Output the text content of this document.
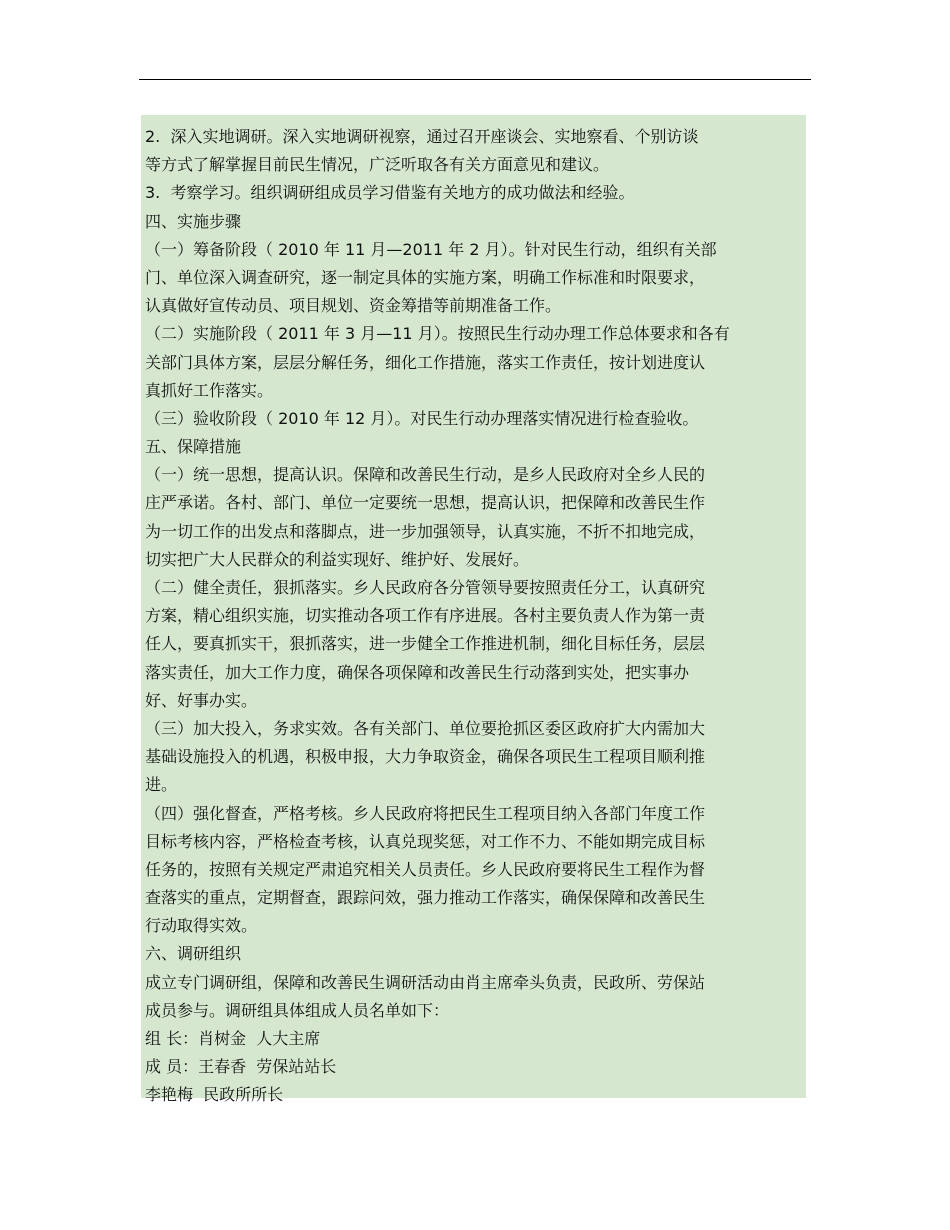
2.  深入实地调研。深入实地调研视察，通过召开座谈会、实地察看、个别访谈
等方式了解掌握目前民生情况，广泛听取各有关方面意见和建议。
3.  考察学习。组织调研组成员学习借鉴有关地方的成功做法和经验。
四、实施步骤
（一）筹备阶段（ 2010 年 11 月—2011 年 2 月）。针对民生行动，组织有关部
门、单位深入调查研究，逐一制定具体的实施方案，明确工作标准和时限要求，
认真做好宣传动员、项目规划、资金筹措等前期准备工作。
（二）实施阶段（ 2011 年 3 月—11 月）。按照民生行动办理工作总体要求和各有
关部门具体方案，层层分解任务，细化工作措施，落实工作责任，按计划进度认
真抓好工作落实。
（三）验收阶段（ 2010 年 12 月）。对民生行动办理落实情况进行检查验收。
五、保障措施
（一）统一思想，提高认识。保障和改善民生行动，是乡人民政府对全乡人民的
庄严承诺。各村、部门、单位一定要统一思想，提高认识，把保障和改善民生作
为一切工作的出发点和落脚点，进一步加强领导，认真实施，不折不扣地完成，
切实把广大人民群众的利益实现好、维护好、发展好。
（二）健全责任，狠抓落实。乡人民政府各分管领导要按照责任分工，认真研究
方案，精心组织实施，切实推动各项工作有序进展。各村主要负责人作为第一责
任人，要真抓实干，狠抓落实，进一步健全工作推进机制，细化目标任务，层层
落实责任，加大工作力度，确保各项保障和改善民生行动落到实处，把实事办
好、好事办实。
（三）加大投入，务求实效。各有关部门、单位要抢抓区委区政府扩大内需加大
基础设施投入的机遇，积极申报，大力争取资金，确保各项民生工程项目顺利推
进。
（四）强化督查，严格考核。乡人民政府将把民生工程项目纳入各部门年度工作
目标考核内容，严格检查考核，认真兑现奖惩，对工作不力、不能如期完成目标
任务的，按照有关规定严肃追究相关人员责任。乡人民政府要将民生工程作为督
查落实的重点，定期督查，跟踪问效，强力推动工作落实，确保保障和改善民生
行动取得实效。
六、调研组织
成立专门调研组，保障和改善民生调研活动由肖主席牵头负责，民政所、劳保站
成员参与。调研组具体组成人员名单如下：
组 长：肖树金  人大主席
成 员：王春香  劳保站站长
李艳梅  民政所所长
